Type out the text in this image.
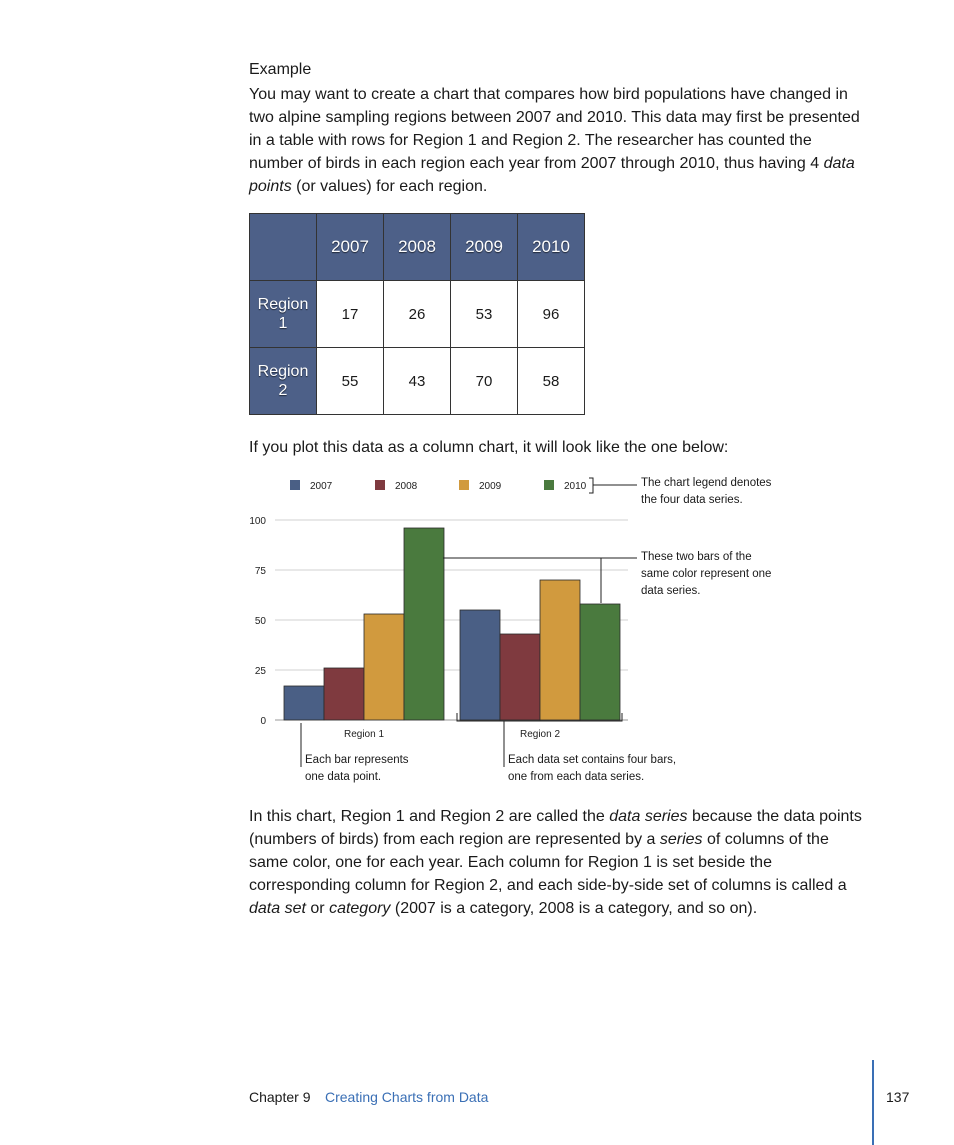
Example
You may want to create a chart that compares how bird populations have changed in two alpine sampling regions between 2007 and 2010. This data may first be presented in a table with rows for Region 1 and Region 2. The researcher has counted the number of birds in each region each year from 2007 through 2010, thus having 4 data points (or values) for each region.
	2007	2008	2009	2010
Region
1	17	26	53	96
Region
2	55	43	70	58
If you plot this data as a column chart, it will look like the one below:
0
25
50
75
100
2007	2008	2009	2010
Region 1	Region 2
The chart legend denotes
the four data series.
These two bars of the
same color represent one
data series.
Each bar represents
one data point.
Each data set contains four bars,
one from each data series.
In this chart, Region 1 and Region 2 are called the data series because the data points (numbers of birds) from each region are represented by a series of columns of the same color, one for each year. Each column for Region 1 is set beside the corresponding column for Region 2, and each side-by-side set of columns is called a data set or category (2007 is a category, 2008 is a category, and so on).
Chapter 9 Creating Charts from Data	137
